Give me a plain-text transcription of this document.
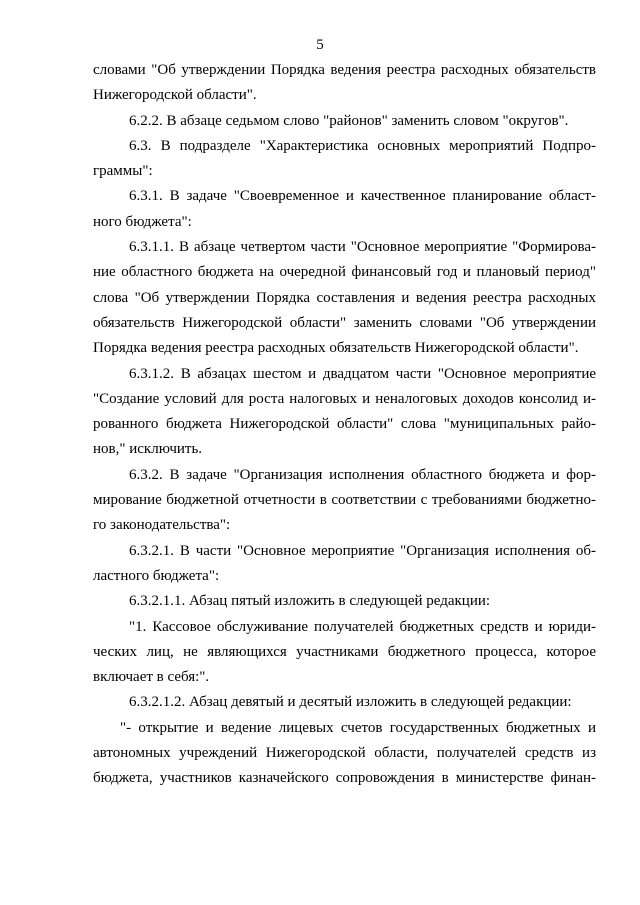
5
словами "Об утверждении Порядка ведения реестра расходных обязательств
Нижегородской области".
6.2.2. В абзаце седьмом слово "районов" заменить словом "округов".
6.3. В подразделе "Характеристика основных мероприятий Подпро-
граммы":
6.3.1. В задаче "Своевременное и качественное планирование област-
ного бюджета":
6.3.1.1. В абзаце четвертом части "Основное мероприятие "Формирова-
ние областного бюджета на очередной финансовый год и плановый период"
слова "Об утверждении Порядка составления и ведения реестра расходных
обязательств Нижегородской области" заменить словами "Об утверждении
Порядка ведения реестра расходных обязательств Нижегородской области".
6.3.1.2. В абзацах шестом и двадцатом части "Основное мероприятие
"Создание условий для роста налоговых и неналоговых доходов консолид и-
рованного бюджета Нижегородской области" слова "муниципальных райо-
нов," исключить.
6.3.2. В задаче "Организация исполнения областного бюджета и фор-
мирование бюджетной отчетности в соответствии с требованиями бюджетно-
го законодательства":
6.3.2.1. В части "Основное мероприятие "Организация исполнения об-
ластного бюджета":
6.3.2.1.1. Абзац пятый изложить в следующей редакции:
"1. Кассовое обслуживание получателей бюджетных средств и юриди-
ческих лиц, не являющихся участниками бюджетного процесса, которое
включает в себя:".
6.3.2.1.2. Абзац девятый и десятый изложить в следующей редакции:
"- открытие и ведение лицевых счетов государственных бюджетных и
автономных учреждений Нижегородской области, получателей средств из
бюджета, участников казначейского сопровождения в министерстве финан-
